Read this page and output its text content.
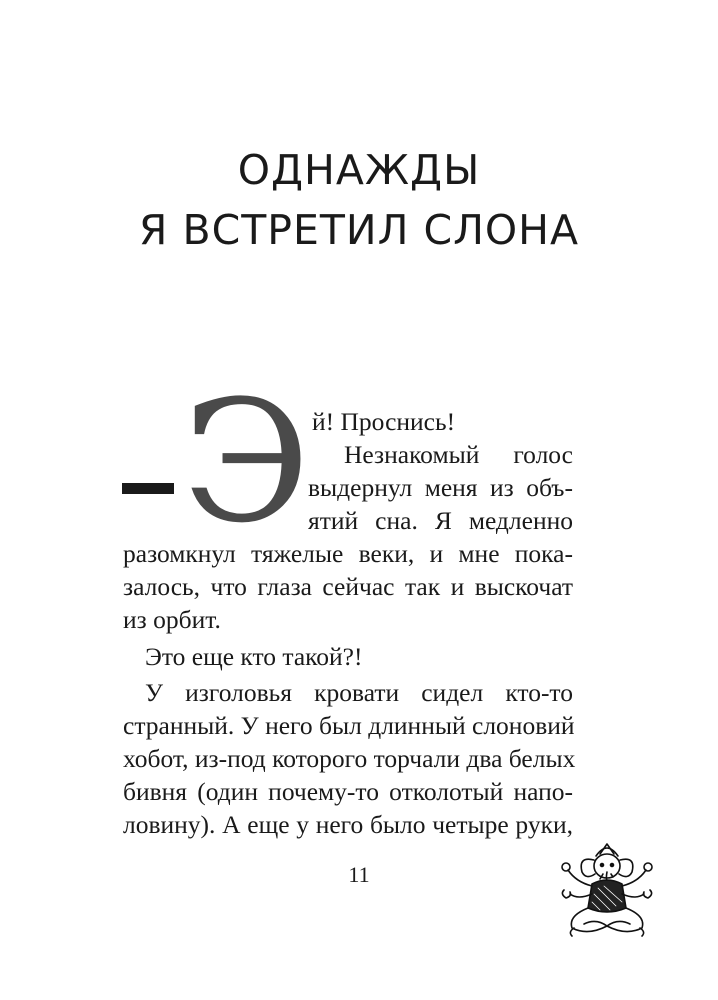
ОДНАЖДЫ
Я ВСТРЕТИЛ СЛОНА
Э й! Проснись!
Незнакомый голос
выдернул меня из объ-
ятий сна. Я медленно
разомкнул тяжелые веки, и мне пока-
залось, что глаза сейчас так и выскочат
из орбит.
Это еще кто такой?!
У изголовья кровати сидел кто-то
странный. У него был длинный слоновий
хобот, из-под которого торчали два белых
бивня (один почему-то отколотый напо-
ловину). А еще у него было четыре руки,
11
